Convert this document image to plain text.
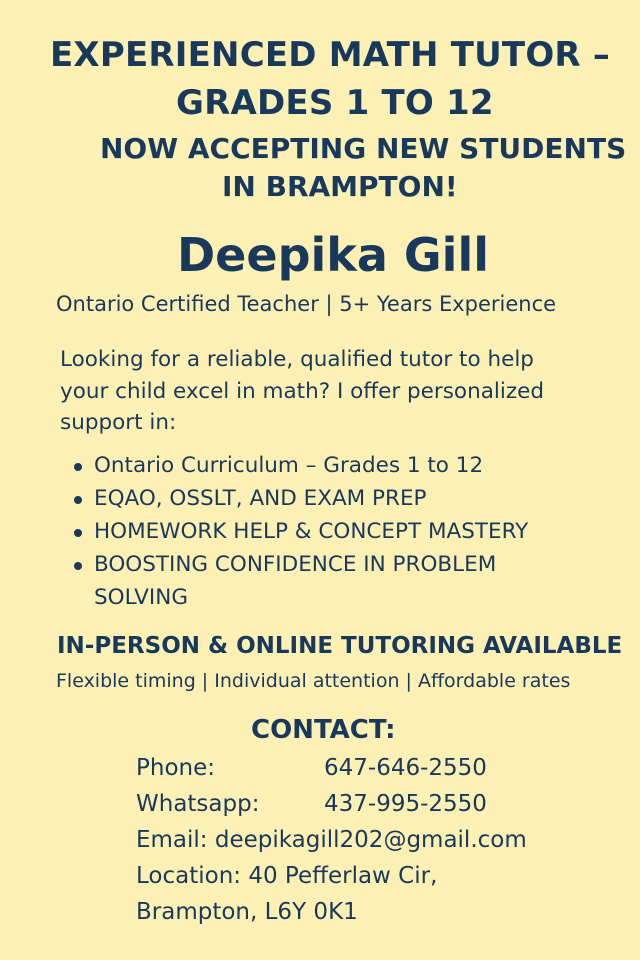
EXPERIENCED MATH TUTOR –
GRADES 1 TO 12
NOW ACCEPTING NEW STUDENTS
IN BRAMPTON!
Deepika Gill
Ontario Certified Teacher | 5+ Years Experience
Looking for a reliable, qualified tutor to help
your child excel in math? I offer personalized
support in:
Ontario Curriculum – Grades 1 to 12
EQAO, OSSLT, AND EXAM PREP
HOMEWORK HELP & CONCEPT MASTERY
BOOSTING CONFIDENCE IN PROBLEM SOLVING
IN-PERSON & ONLINE TUTORING AVAILABLE
Flexible timing | Individual attention | Affordable rates
CONTACT:
Phone:	647-646-2550
Whatsapp:	437-995-2550
Email: deepikagill202@gmail.com
Location: 40 Pefferlaw Cir,
Brampton, L6Y 0K1
